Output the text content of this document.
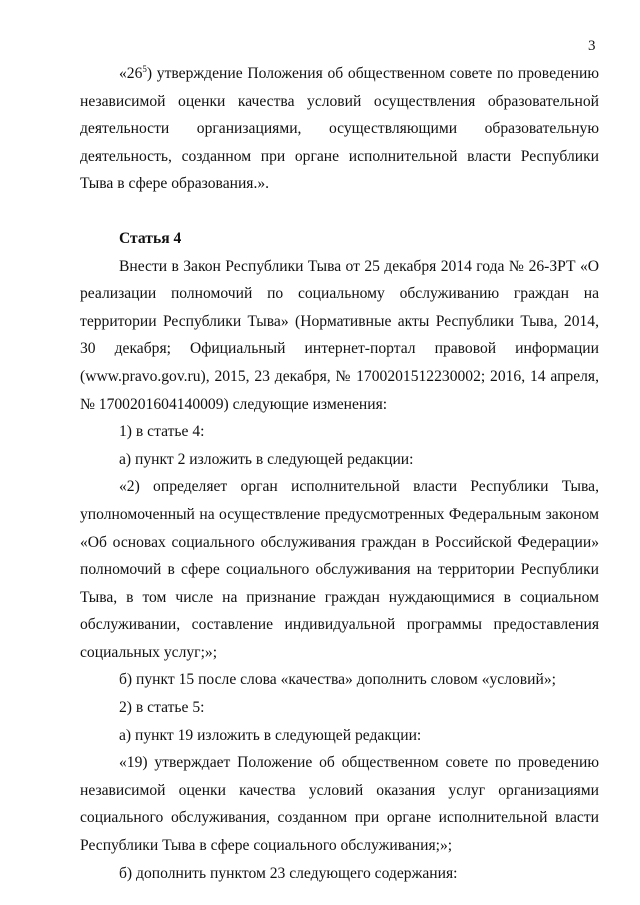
3

«$26^5$) утверждение Положения об общественном совете по проведению независимой оценки качества условий осуществления образовательной деятельности организациями, осуществляющими образовательную деятельность, созданном при органе исполнительной власти Республики Тыва в сфере образования.».

Статья 4

Внести в Закон Республики Тыва от 25 декабря 2014 года № 26-ЗРТ «О реализации полномочий по социальному обслуживанию граждан на территории Республики Тыва» (Нормативные акты Республики Тыва, 2014, 30 декабря; Официальный интернет-портал правовой информации (www.pravo.gov.ru), 2015, 23 декабря, № 1700201512230002; 2016, 14 апреля, № 1700201604140009) следующие изменения:

1) в статье 4:

а) пункт 2 изложить в следующей редакции:

«2) определяет орган исполнительной власти Республики Тыва, уполномоченный на осуществление предусмотренных Федеральным законом «Об основах социального обслуживания граждан в Российской Федерации» полномочий в сфере социального обслуживания на территории Республики Тыва, в том числе на признание граждан нуждающимися в социальном обслуживании, составление индивидуальной программы предоставления социальных услуг;»;

б) пункт 15 после слова «качества» дополнить словом «условий»;

2) в статье 5:

а) пункт 19 изложить в следующей редакции:

«19) утверждает Положение об общественном совете по проведению независимой оценки качества условий оказания услуг организациями социального обслуживания, созданном при органе исполнительной власти Республики Тыва в сфере социального обслуживания;»;

б) дополнить пунктом 23 следующего содержания:
